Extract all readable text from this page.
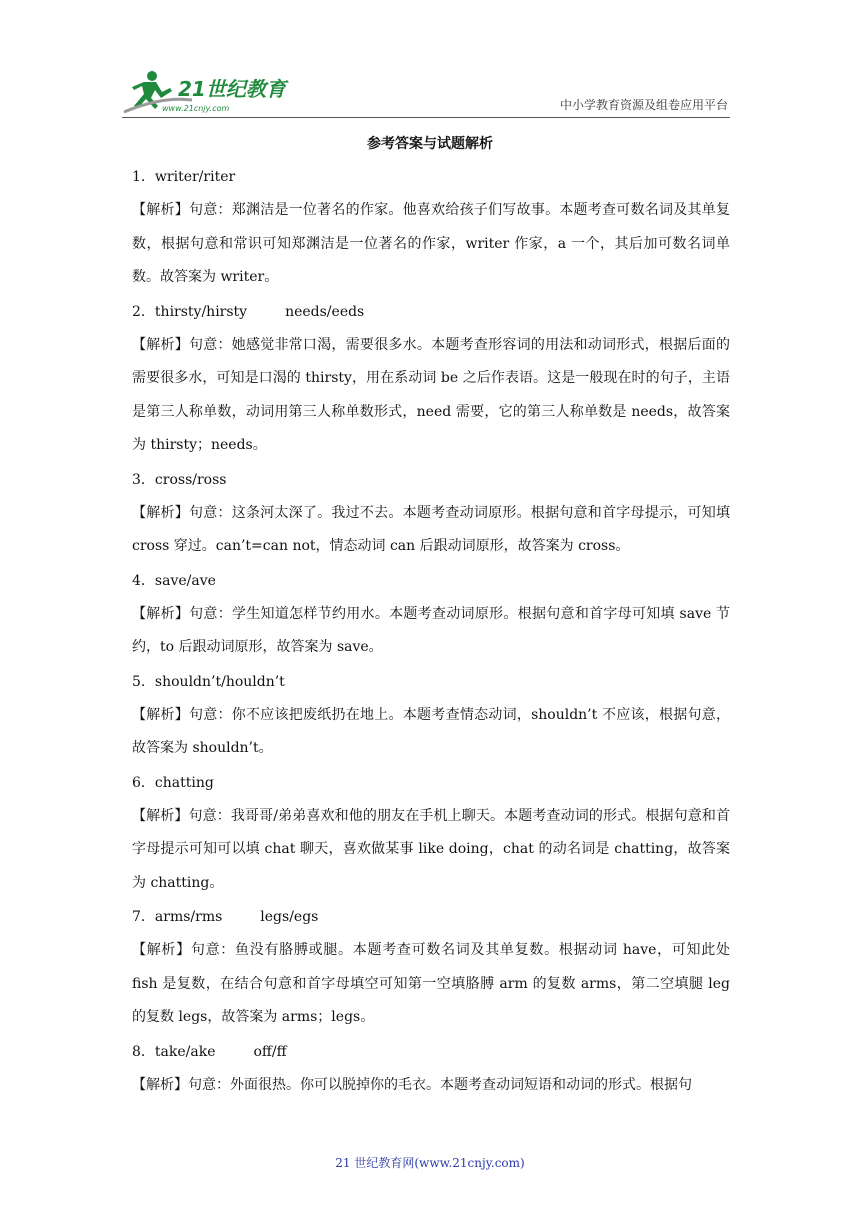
21世纪教育
www.21cnjy.com	中小学教育资源及组卷应用平台
参考答案与试题解析
1．writer/riter
【解析】句意：郑渊洁是一位著名的作家。他喜欢给孩子们写故事。本题考查可数名词及其单复数，根据句意和常识可知郑渊洁是一位著名的作家，writer 作家，a 一个，其后加可数名词单数。故答案为 writer。
2．thirsty/hirsty	needs/eeds
【解析】句意：她感觉非常口渴，需要很多水。本题考查形容词的用法和动词形式，根据后面的需要很多水，可知是口渴的 thirsty，用在系动词 be 之后作表语。这是一般现在时的句子，主语是第三人称单数，动词用第三人称单数形式，need 需要，它的第三人称单数是 needs，故答案为 thirsty；needs。
3．cross/ross
【解析】句意：这条河太深了。我过不去。本题考查动词原形。根据句意和首字母提示，可知填 cross 穿过。can’t=can not，情态动词 can 后跟动词原形，故答案为 cross。
4．save/ave
【解析】句意：学生知道怎样节约用水。本题考查动词原形。根据句意和首字母可知填 save 节约，to 后跟动词原形，故答案为 save。
5．shouldn’t/houldn’t
【解析】句意：你不应该把废纸扔在地上。本题考查情态动词，shouldn’t 不应该，根据句意，故答案为 shouldn’t。
6．chatting
【解析】句意：我哥哥/弟弟喜欢和他的朋友在手机上聊天。本题考查动词的形式。根据句意和首字母提示可知可以填 chat 聊天，喜欢做某事 like doing，chat 的动名词是 chatting，故答案为 chatting。
7．arms/rms	legs/egs
【解析】句意：鱼没有胳膊或腿。本题考查可数名词及其单复数。根据动词 have，可知此处 fish 是复数，在结合句意和首字母填空可知第一空填胳膊 arm 的复数 arms，第二空填腿 leg 的复数 legs，故答案为 arms；legs。
8．take/ake	off/ff
【解析】句意：外面很热。你可以脱掉你的毛衣。本题考查动词短语和动词的形式。根据句
21 世纪教育网(www.21cnjy.com)
